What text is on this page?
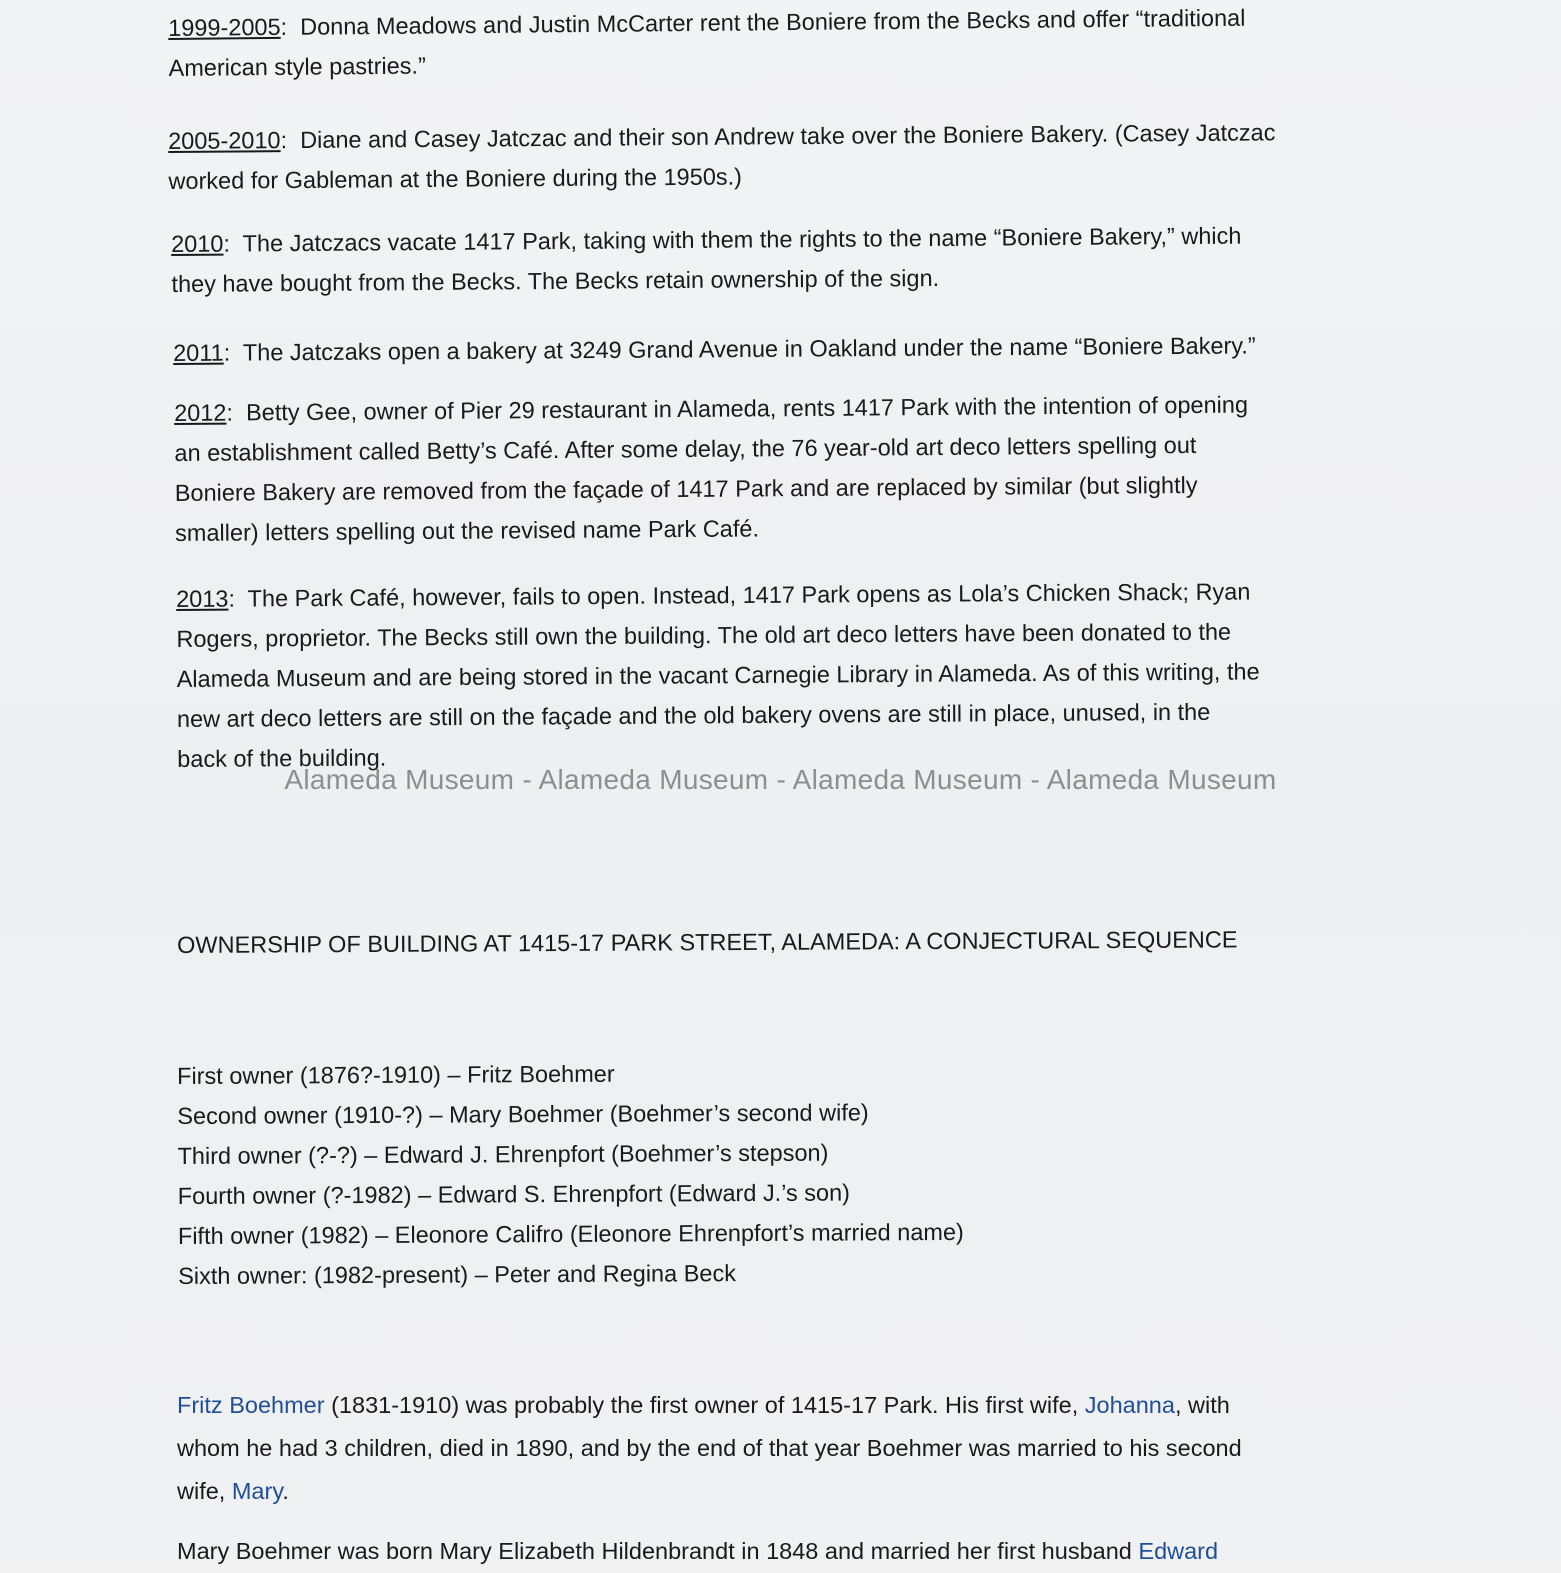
1999-2005:  Donna Meadows and Justin McCarter rent the Boniere from the Becks and offer “traditional

American style pastries.”

2005-2010:  Diane and Casey Jatczac and their son Andrew take over the Boniere Bakery. (Casey Jatczac

worked for Gableman at the Boniere during the 1950s.)

2010:  The Jatczacs vacate 1417 Park, taking with them the rights to the name “Boniere Bakery,” which

they have bought from the Becks. The Becks retain ownership of the sign.

2011:  The Jatczaks open a bakery at 3249 Grand Avenue in Oakland under the name “Boniere Bakery.”

2012:  Betty Gee, owner of Pier 29 restaurant in Alameda, rents 1417 Park with the intention of opening

an establishment called Betty’s Café. After some delay, the 76 year-old art deco letters spelling out

Boniere Bakery are removed from the façade of 1417 Park and are replaced by similar (but slightly

smaller) letters spelling out the revised name Park Café.

2013:  The Park Café, however, fails to open. Instead, 1417 Park opens as Lola’s Chicken Shack; Ryan

Rogers, proprietor. The Becks still own the building. The old art deco letters have been donated to the

Alameda Museum and are being stored in the vacant Carnegie Library in Alameda. As of this writing, the

new art deco letters are still on the façade and the old bakery ovens are still in place, unused, in the

back of the building.

OWNERSHIP OF BUILDING AT 1415-17 PARK STREET, ALAMEDA: A CONJECTURAL SEQUENCE
First owner (1876?-1910) – Fritz Boehmer
Second owner (1910-?) – Mary Boehmer (Boehmer’s second wife)
Third owner (?-?) – Edward J. Ehrenpfort (Boehmer’s stepson)
Fourth owner (?-1982) – Edward S. Ehrenpfort (Edward J.’s son)
Fifth owner (1982) – Eleonore Califro (Eleonore Ehrenpfort’s married name)
Sixth owner: (1982-present) – Peter and Regina Beck
Fritz Boehmer (1831-1910) was probably the first owner of 1415-17 Park. His first wife, Johanna, with
whom he had 3 children, died in 1890, and by the end of that year Boehmer was married to his second
wife, Mary.
Mary Boehmer was born Mary Elizabeth Hildenbrandt in 1848 and married her first husband Edward
Alameda Museum - Alameda Museum - Alameda Museum - Alameda Museum
